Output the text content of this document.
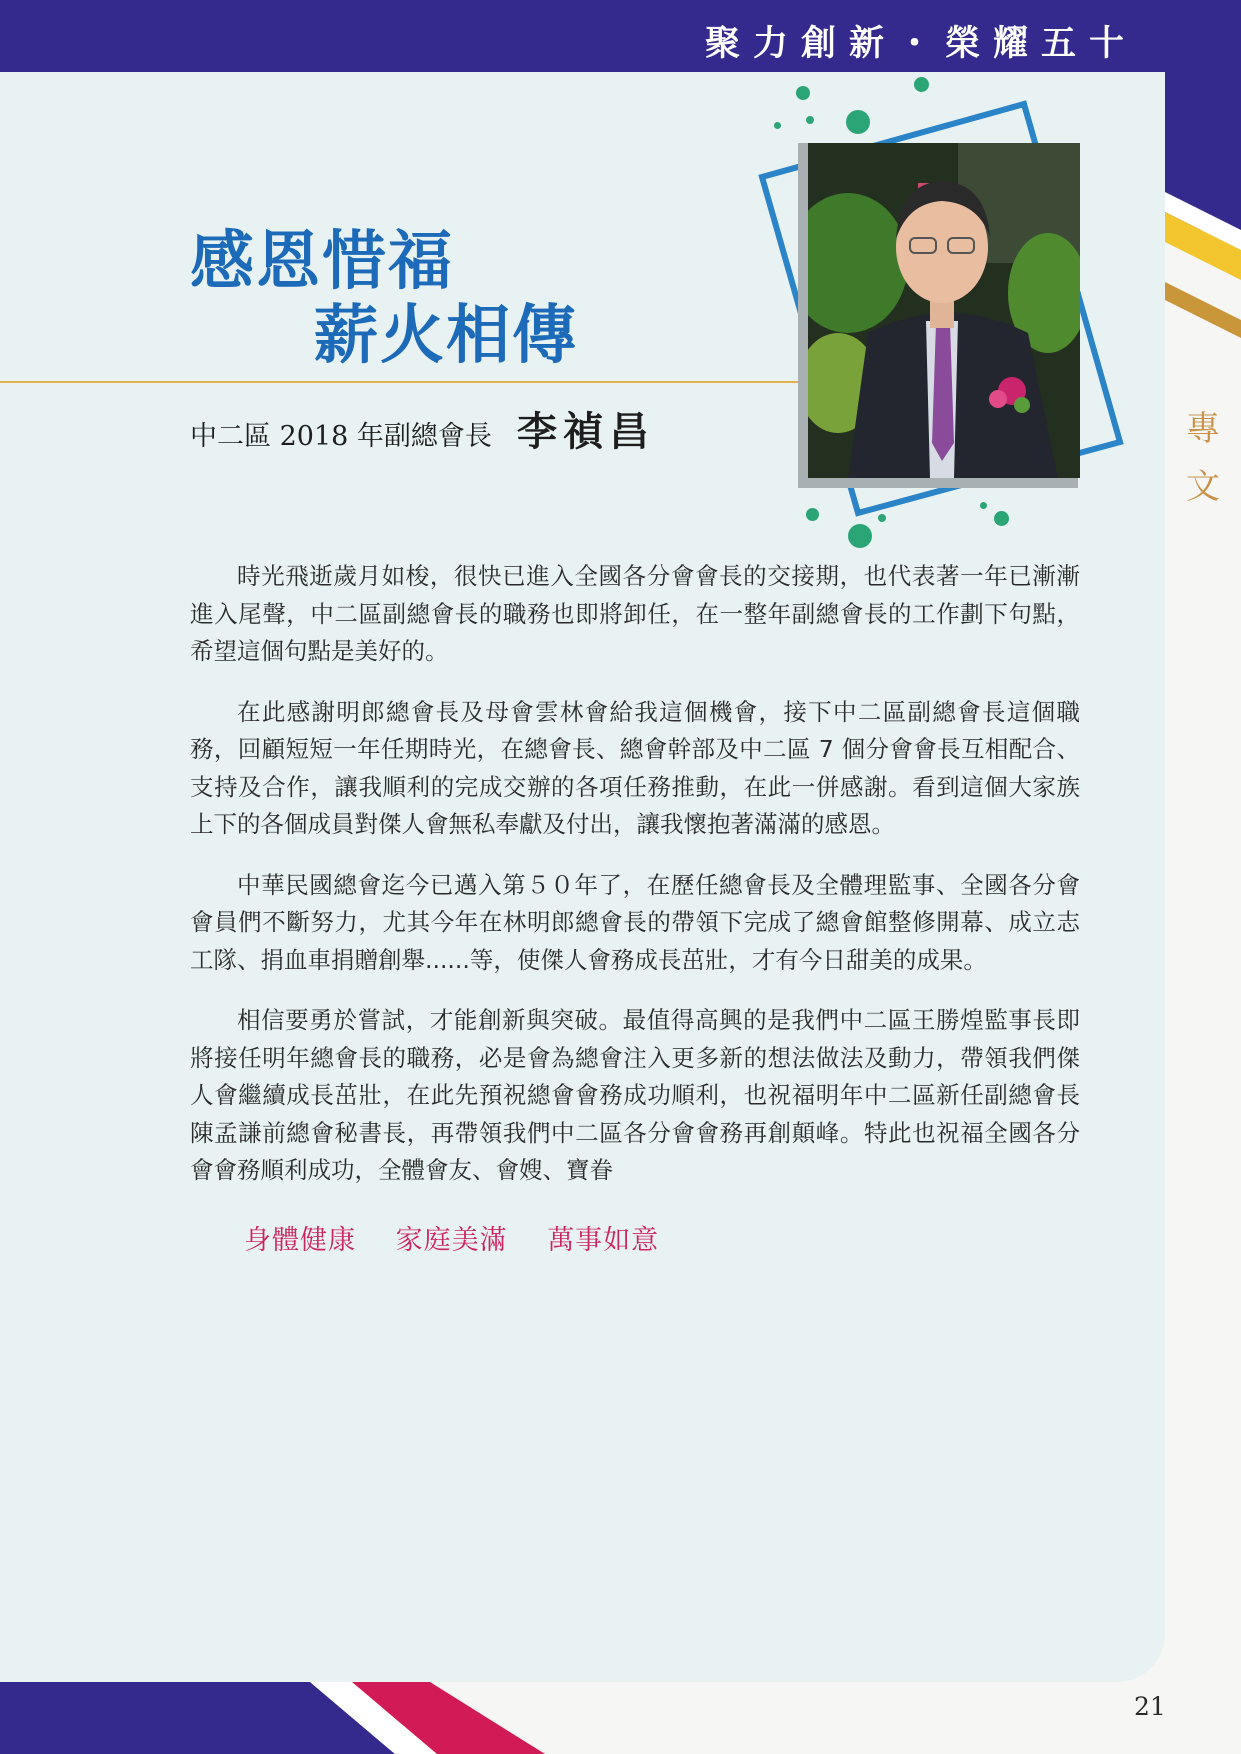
聚力創新・榮耀五十
感恩惜福
薪火相傳
中二區 2018 年副總會長 李禎昌	專
文

時光飛逝歲月如梭，很快已進入全國各分會會長的交接期，也代表著一年已漸漸進入尾聲，中二區副總會長的職務也即將卸任，在一整年副總會長的工作劃下句點，希望這個句點是美好的。

在此感謝明郎總會長及母會雲林會給我這個機會，接下中二區副總會長這個職務，回顧短短一年任期時光，在總會長、總會幹部及中二區 7 個分會會長互相配合、支持及合作，讓我順利的完成交辦的各項任務推動，在此一併感謝。看到這個大家族上下的各個成員對傑人會無私奉獻及付出，讓我懷抱著滿滿的感恩。

中華民國總會迄今已邁入第５０年了，在歷任總會長及全體理監事、全國各分會會員們不斷努力，尤其今年在林明郎總會長的帶領下完成了總會館整修開幕、成立志工隊、捐血車捐贈創舉......等，使傑人會務成長茁壯，才有今日甜美的成果。

相信要勇於嘗試，才能創新與突破。最值得高興的是我們中二區王勝煌監事長即將接任明年總會長的職務，必是會為總會注入更多新的想法做法及動力，帶領我們傑人會繼續成長茁壯，在此先預祝總會會務成功順利，也祝福明年中二區新任副總會長陳孟謙前總會秘書長，再帶領我們中二區各分會會務再創顛峰。特此也祝福全國各分會會務順利成功，全體會友、會嫂、寶眷

身體健康 家庭美滿 萬事如意
21
